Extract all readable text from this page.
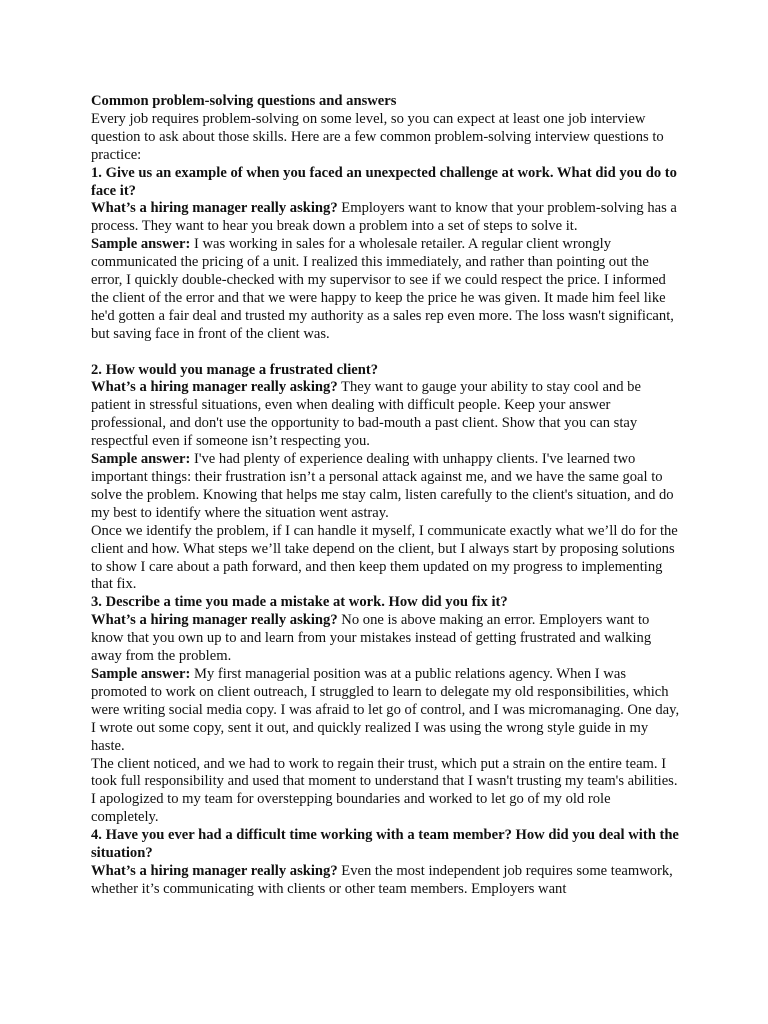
Common problem-solving questions and answers

Every job requires problem-solving on some level, so you can expect at least one job interview question to ask about those skills. Here are a few common problem-solving interview questions to practice:

1. Give us an example of when you faced an unexpected challenge at work. What did you do to face it?

What’s a hiring manager really asking? Employers want to know that your problem-solving has a process. They want to hear you break down a problem into a set of steps to solve it.

Sample answer: I was working in sales for a wholesale retailer. A regular client wrongly communicated the pricing of a unit. I realized this immediately, and rather than pointing out the error, I quickly double-checked with my supervisor to see if we could respect the price. I informed the client of the error and that we were happy to keep the price he was given. It made him feel like he'd gotten a fair deal and trusted my authority as a sales rep even more. The loss wasn't significant, but saving face in front of the client was.

2. How would you manage a frustrated client?

What’s a hiring manager really asking? They want to gauge your ability to stay cool and be patient in stressful situations, even when dealing with difficult people. Keep your answer professional, and don't use the opportunity to bad-mouth a past client. Show that you can stay respectful even if someone isn’t respecting you.

Sample answer: I've had plenty of experience dealing with unhappy clients. I've learned two important things: their frustration isn’t a personal attack against me, and we have the same goal to solve the problem. Knowing that helps me stay calm, listen carefully to the client's situation, and do my best to identify where the situation went astray.

Once we identify the problem, if I can handle it myself, I communicate exactly what we’ll do for the client and how. What steps we’ll take depend on the client, but I always start by proposing solutions to show I care about a path forward, and then keep them updated on my progress to implementing that fix.

3. Describe a time you made a mistake at work. How did you fix it?

What’s a hiring manager really asking? No one is above making an error. Employers want to know that you own up to and learn from your mistakes instead of getting frustrated and walking away from the problem.

Sample answer: My first managerial position was at a public relations agency. When I was promoted to work on client outreach, I struggled to learn to delegate my old responsibilities, which were writing social media copy. I was afraid to let go of control, and I was micromanaging. One day, I wrote out some copy, sent it out, and quickly realized I was using the wrong style guide in my haste.

The client noticed, and we had to work to regain their trust, which put a strain on the entire team. I took full responsibility and used that moment to understand that I wasn't trusting my team's abilities. I apologized to my team for overstepping boundaries and worked to let go of my old role completely.

4. Have you ever had a difficult time working with a team member? How did you deal with the situation?

What’s a hiring manager really asking? Even the most independent job requires some teamwork, whether it’s communicating with clients or other team members. Employers want
